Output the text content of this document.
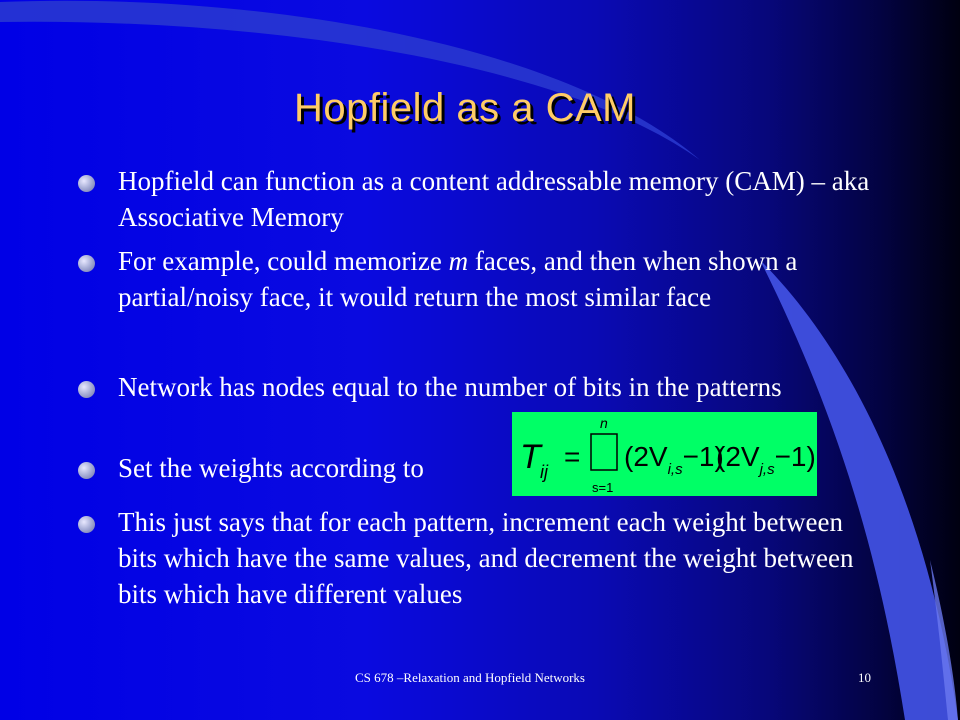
Hopfield as a CAM
Hopfield can function as a content addressable memory (CAM) – aka Associative Memory
For example, could memorize m faces, and then when shown a partial/noisy face, it would return the most similar face
Network has nodes equal to the number of bits in the patterns
Set the weights according to
This just says that for each pattern, increment each weight between bits which have the same values, and decrement the weight between bits which have different values
T ij =
n
s=1
$(2V_{i,s}-1)$
$(2V_{j,s}-1)$
CS 678 –Relaxation and Hopfield Networks	10
